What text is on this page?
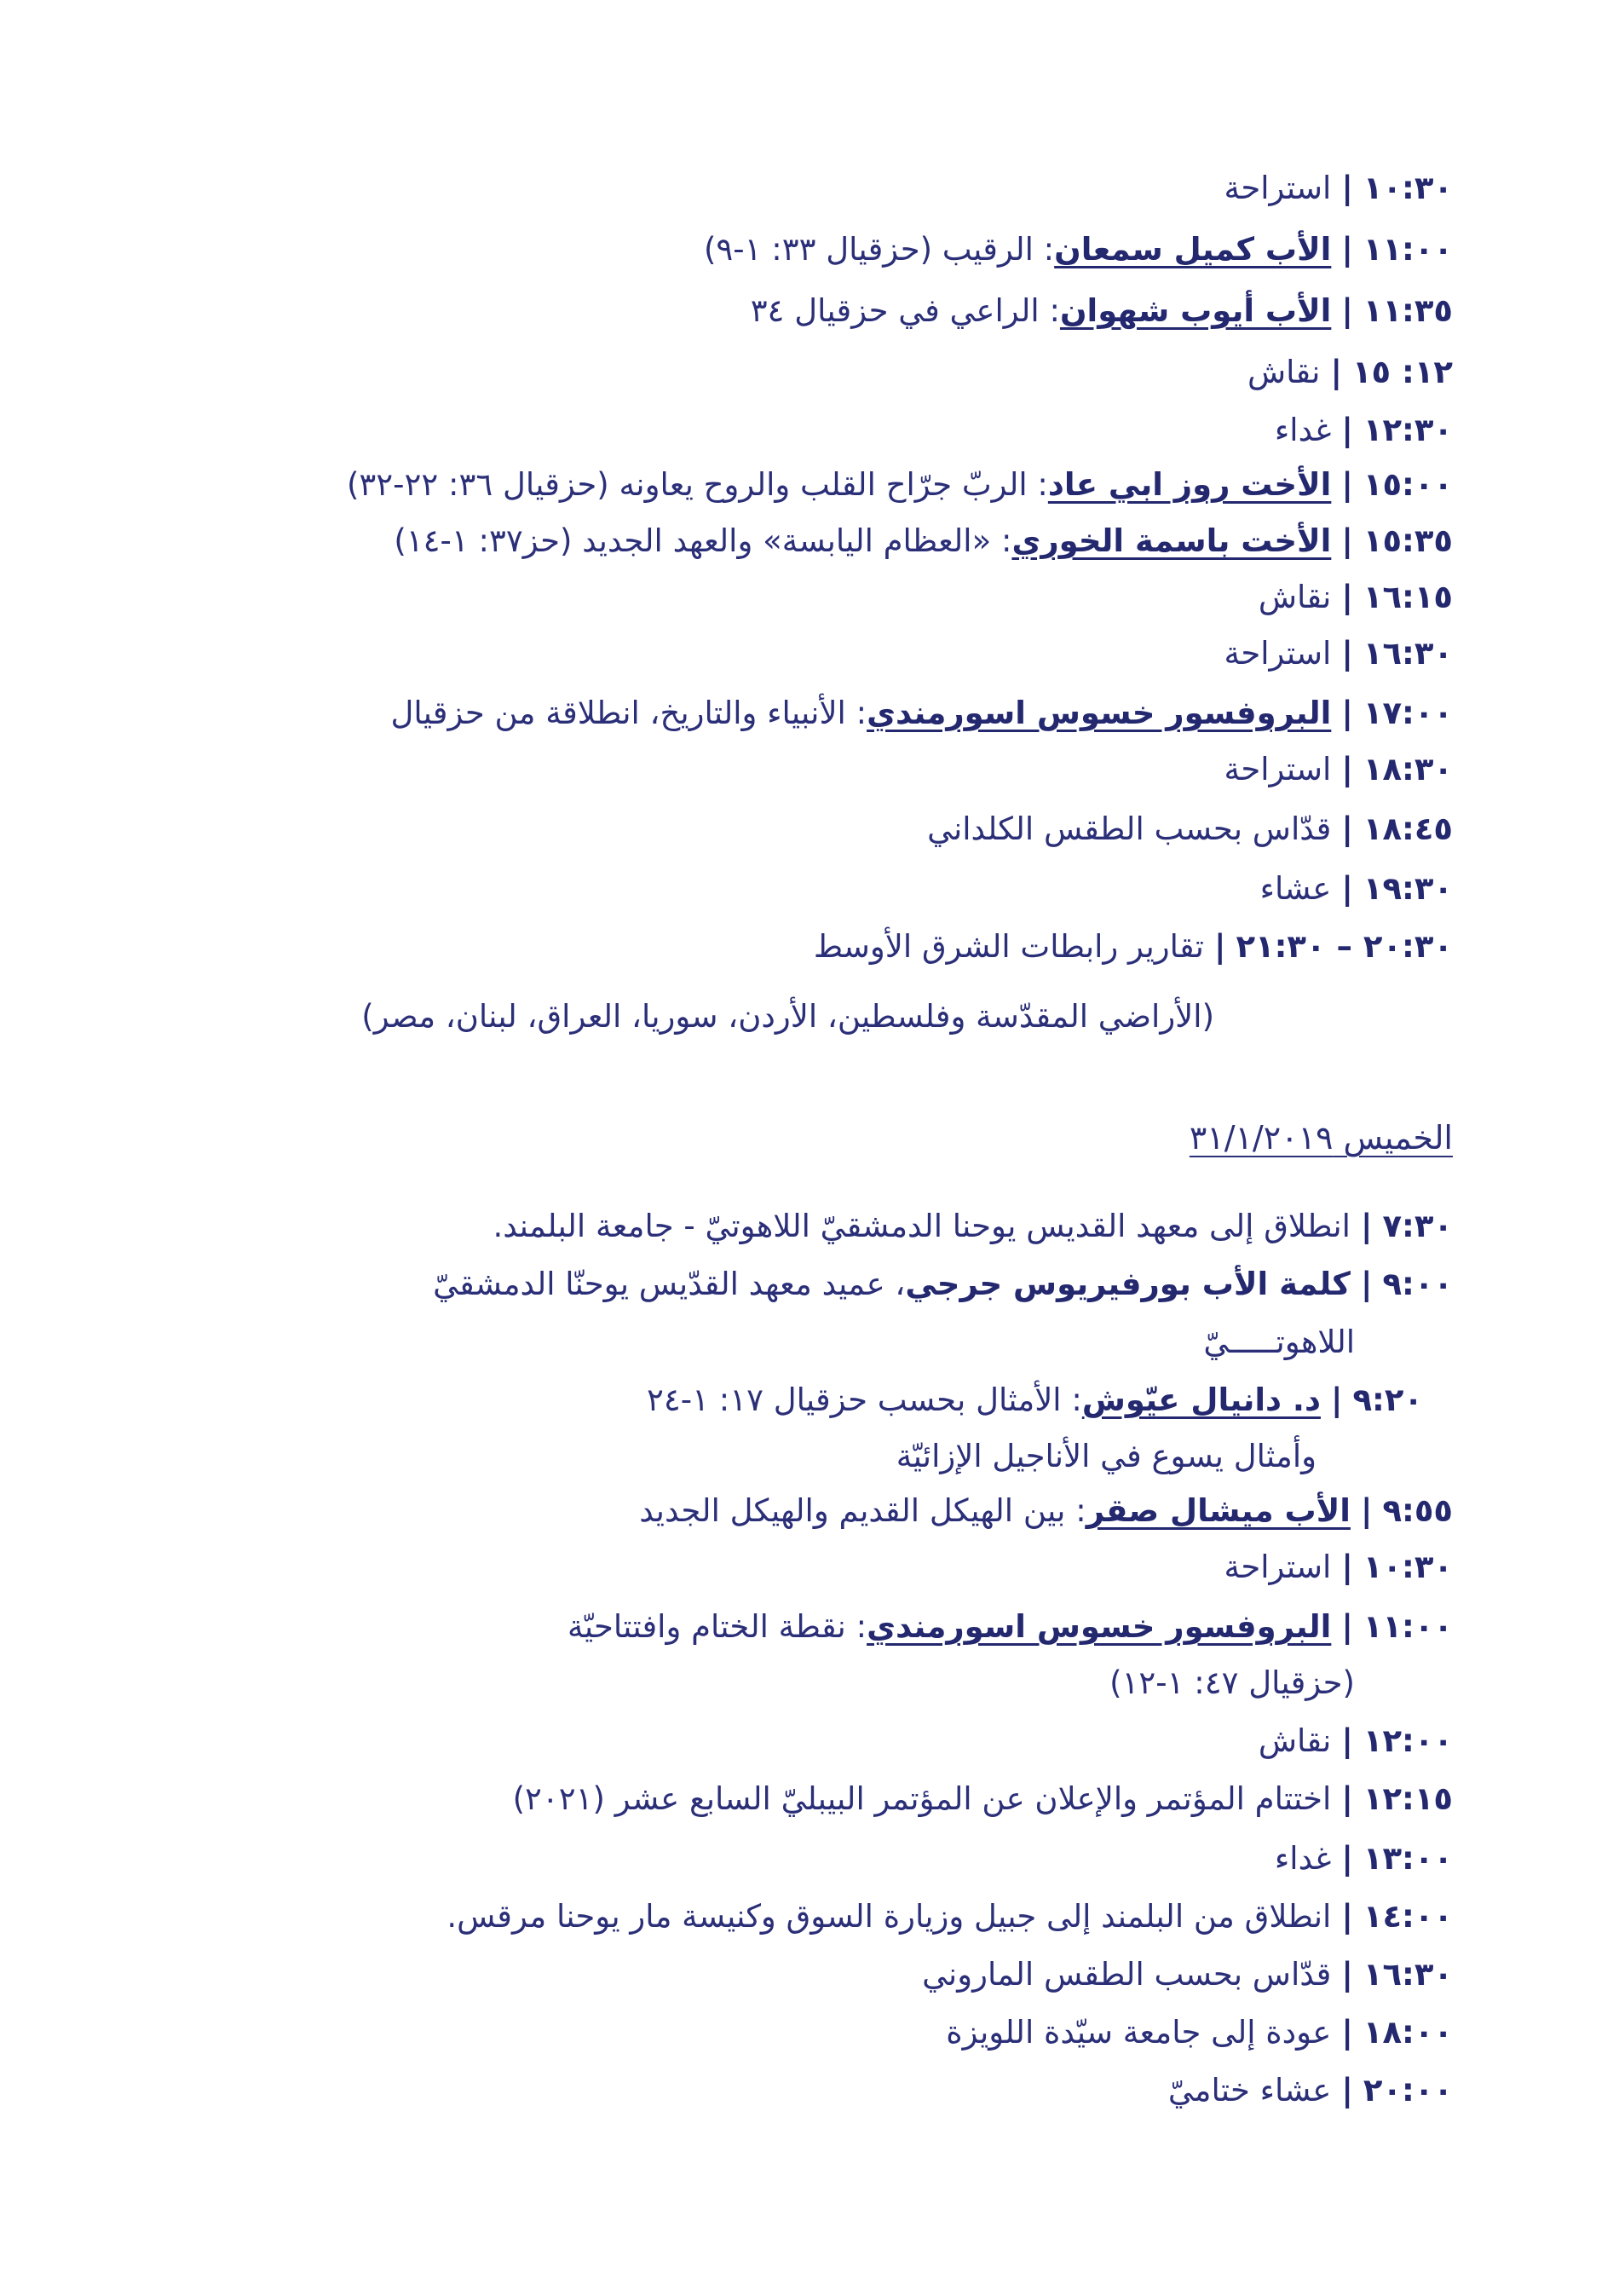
١٠:٣٠|استراحة
١١:٠٠|الأب كميل سمعان: الرقيب (حزقيال ٣٣: ١-٩)
١١:٣٥|الأب أيوب شهوان: الراعي في حزقيال ٣٤
١٢: ١٥|نقاش
١٢:٣٠|غداء
١٥:٠٠|الأخت روز ابي عاد: الربّ جرّاح القلب والروح يعاونه (حزقيال ٣٦: ٢٢-٣٢)
١٥:٣٥|الأخت باسمة الخوري: «العظام اليابسة» والعهد الجديد (حز٣٧: ١-١٤)
١٦:١٥|نقاش
١٦:٣٠|استراحة
١٧:٠٠|البروفسور خسوس اسورمندي: الأنبياء والتاريخ، انطلاقة من حزقيال
١٨:٣٠|استراحة
١٨:٤٥|قدّاس بحسب الطقس الكلداني
١٩:٣٠|عشاء
٢٠:٣٠ – ٢١:٣٠|تقارير رابطات الشرق الأوسط
(الأراضي المقدّسة وفلسطين، الأردن، سوريا، العراق، لبنان، مصر)
الخميس ٣١/١/٢٠١٩
٧:٣٠|انطلاق إلى معهد القديس يوحنا الدمشقيّ اللاهوتيّ - جامعة البلمند.
٩:٠٠|كلمة الأب بورفيريوس جرجي، عميد معهد القدّيس يوحنّا الدمشقيّ
اللاهوتـــــيّ
٩:٢٠|د. دانيال عيّوش: الأمثال بحسب حزقيال ١٧: ١-٢٤
وأمثال يسوع في الأناجيل الإزائيّة
٩:٥٥|الأب ميشال صقر: بين الهيكل القديم والهيكل الجديد
١٠:٣٠|استراحة
١١:٠٠|البروفسور خسوس اسورمندي: نقطة الختام وافتتاحيّة
(حزقيال ٤٧: ١-١٢)
١٢:٠٠|نقاش
١٢:١٥|اختتام المؤتمر والإعلان عن المؤتمر البيبليّ السابع عشر (٢٠٢١)
١٣:٠٠|غداء
١٤:٠٠|انطلاق من البلمند إلى جبيل وزيارة السوق وكنيسة مار يوحنا مرقس.
١٦:٣٠|قدّاس بحسب الطقس الماروني
١٨:٠٠|عودة إلى جامعة سيّدة اللويزة
٢٠:٠٠|عشاء ختاميّ
